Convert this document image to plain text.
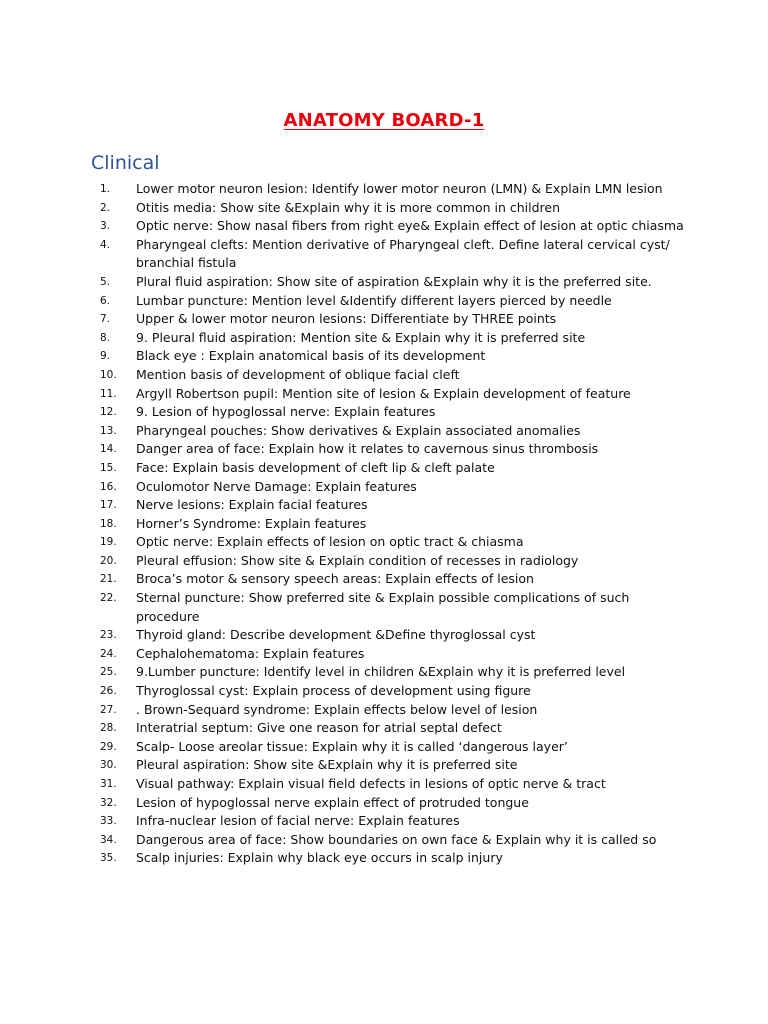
ANATOMY BOARD-1
Clinical
1.	Lower motor neuron lesion: Identify lower motor neuron (LMN) & Explain LMN lesion
2.	Otitis media: Show site &Explain why it is more common in children
3.	Optic nerve: Show nasal fibers from right eye& Explain effect of lesion at optic chiasma
4.	Pharyngeal clefts: Mention derivative of Pharyngeal cleft. Define lateral cervical cyst/ branchial fistula
5.	Plural fluid aspiration: Show site of aspiration &Explain why it is the preferred site.
6.	Lumbar puncture: Mention level &Identify different layers pierced by needle
7.	Upper & lower motor neuron lesions: Differentiate by THREE points
8.	9. Pleural fluid aspiration: Mention site & Explain why it is preferred site
9.	Black eye : Explain anatomical basis of its development
10.	Mention basis of development of oblique facial cleft
11.	Argyll Robertson pupil: Mention site of lesion & Explain development of feature
12.	9. Lesion of hypoglossal nerve: Explain features
13.	Pharyngeal pouches: Show derivatives & Explain associated anomalies
14.	Danger area of face: Explain how it relates to cavernous sinus thrombosis
15.	Face: Explain basis development of cleft lip & cleft palate
16.	Oculomotor Nerve Damage: Explain features
17.	Nerve lesions: Explain facial features
18.	Horner’s Syndrome: Explain features
19.	Optic nerve: Explain effects of lesion on optic tract & chiasma
20.	Pleural effusion: Show site & Explain condition of recesses in radiology
21.	Broca’s motor & sensory speech areas: Explain effects of lesion
22.	Sternal puncture: Show preferred site & Explain possible complications of such procedure
23.	Thyroid gland: Describe development &Define thyroglossal cyst
24.	Cephalohematoma: Explain features
25.	9.Lumber puncture: Identify level in children &Explain why it is preferred level
26.	Thyroglossal cyst: Explain process of development using figure
27.	. Brown-Sequard syndrome: Explain effects below level of lesion
28.	Interatrial septum: Give one reason for atrial septal defect
29.	Scalp- Loose areolar tissue: Explain why it is called ‘dangerous layer’
30.	Pleural aspiration: Show site &Explain why it is preferred site
31.	Visual pathway: Explain visual field defects in lesions of optic nerve & tract
32.	Lesion of hypoglossal nerve explain effect of protruded tongue
33.	Infra-nuclear lesion of facial nerve: Explain features
34.	Dangerous area of face: Show boundaries on own face & Explain why it is called so
35.	Scalp injuries: Explain why black eye occurs in scalp injury
